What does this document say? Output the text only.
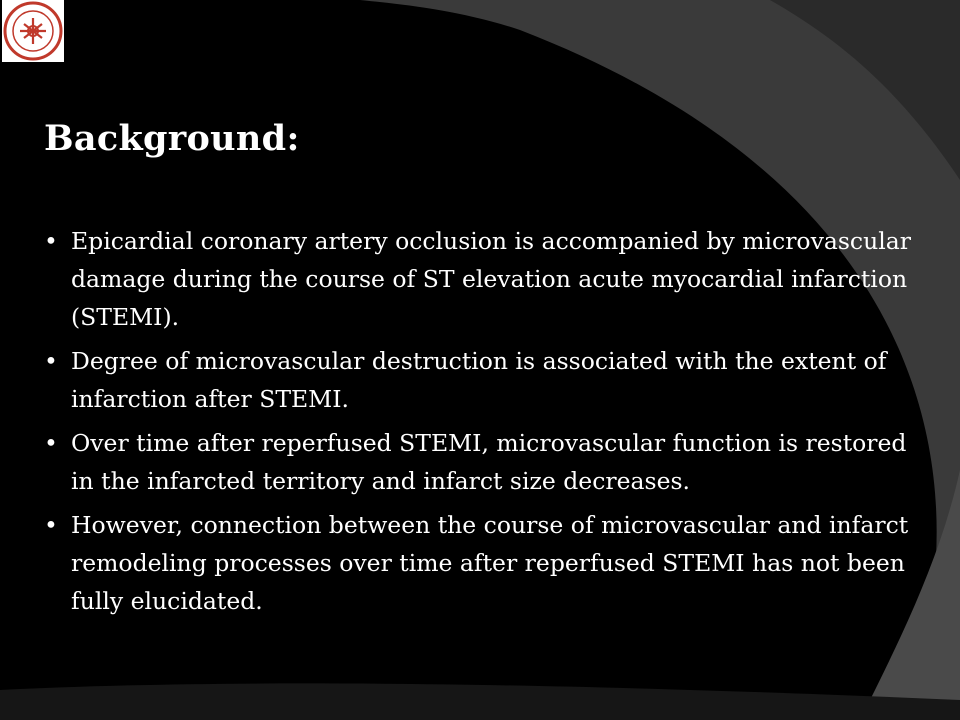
Background:
• Epicardial coronary artery occlusion is accompanied by microvascular damage during the course of ST elevation acute myocardial infarction (STEMI).
• Degree of microvascular destruction is associated with the extent of infarction after STEMI.
• Over time after reperfused STEMI, microvascular function is restored in the infarcted territory and infarct size decreases.
• However, connection between the course of microvascular and infarct remodeling processes over time after reperfused STEMI has not been fully elucidated.
